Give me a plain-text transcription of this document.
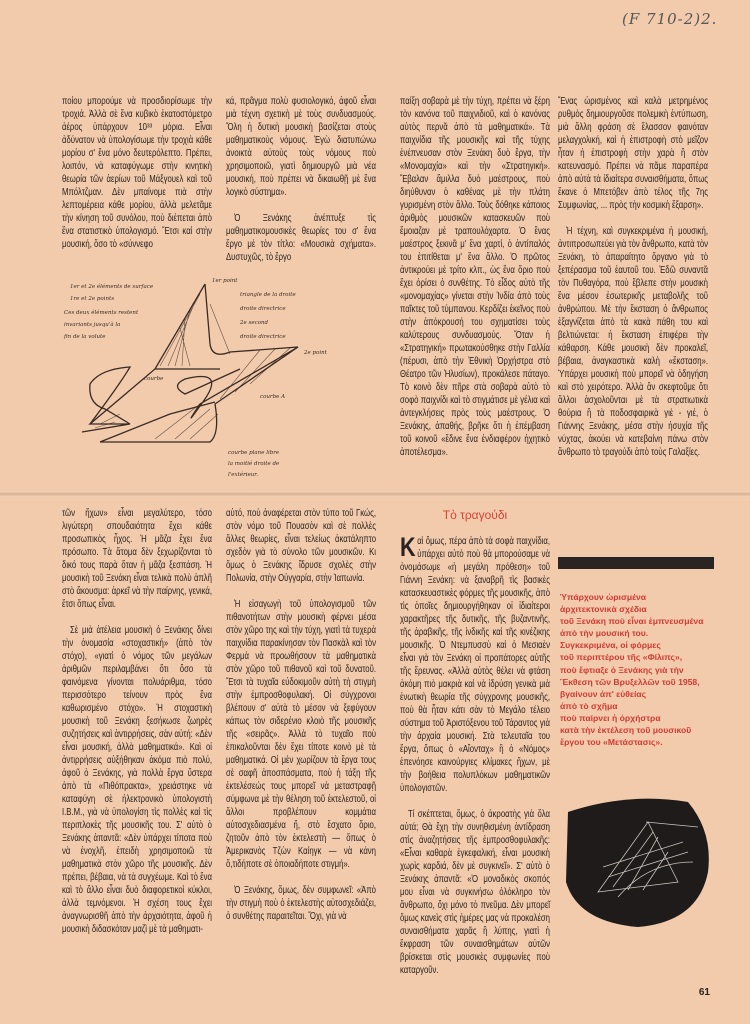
(F 710-2)2.

ποίου μπορούμε νὰ προσδιορίσωμε τὴν τροχιά. Ἀλλὰ σὲ ἕνα κυβικὸ ἑκατοστόμετρο ἀέρος ὑπάρχουν 10³³ μόρια. Εἶναι ἀδύνατον νὰ ὑπολογίσωμε τὴν τροχιὰ κάθε μορίου σ' ἕνα μόνο δευτερόλεπτο. Πρέπει, λοιπόν, νὰ καταφύγωμε στὴν κινητικὴ θεωρία τῶν ἀερίων τοῦ Μάξγουελ καὶ τοῦ Μπόλτζμαν. Δὲν μπαίνομε πιὰ στὴν λεπτομέρεια κάθε μορίου, ἀλλὰ μελετᾶμε τὴν κίνηση τοῦ συνόλου, ποὺ διέπεται ἀπὸ ἕνα στατιστικὸ ὑπολογισμό. Ἔτσι καὶ στὴν μουσική, ὅσο τὸ «σύννεφο

κά, πρᾶγμα πολὺ φυσιολογικό, ἀφοῦ εἶναι μιὰ τέχνη σχετικὴ μὲ τοὺς συνδυασμούς. Ὅλη ἡ δυτικὴ μουσικὴ βασίζεται στοὺς μαθηματικοὺς νόμους. Ἐγὼ διατυπώνω ἀνοικτὰ αὐτοὺς τοὺς νόμους ποὺ χρησιμοποιῶ, γιατὶ δημιουργῶ μιὰ νέα μουσική, ποὺ πρέπει νὰ δικαιωθῇ μὲ ἕνα λογικὸ σύστημα».

Ὁ Ξενάκης ἀνέπτυξε τὶς μαθηματικομουσικὲς θεωρίες του σ' ἕνα ἔργο μὲ τὸν τίτλο: «Μουσικὰ σχήματα». Δυστυχῶς, τὸ ἔργο

1er et 2e éléments de surface
1re et 2e points
Ces deux éléments restent
invariants jusqu'à la
fin de la volute
1er point
triangle de la droite
droite directrice
2e second
droite directrice
2e point
courbe
courbe A
courbe plane libre
la moitié droite de
l'extérieur.

παίξη σοβαρὰ μὲ τὴν τύχη, πρέπει νὰ ξέρη τὸν κανόνα τοῦ παιχνιδιοῦ, καὶ ὁ κανόνας αὐτὸς περνᾶ ἀπὸ τὰ μαθηματικά». Τὰ παιχνίδια τῆς μουσικῆς καὶ τῆς τύχης ἐνέπνευσαν στὸν Ξενάκη δυὸ ἔργα, τὴν «Μονομαχία» καὶ τὴν «Στρατηγική». Ἔβαλαν ἅμιλλα δυὸ μαέστρους, ποὺ διηύθυναν ὁ καθένας μὲ τὴν πλάτη γυρισμένη στὸν ἄλλο. Τοὺς δόθηκε κάποιος ἀριθμὸς μουσικῶν κατασκευῶν ποὺ ἔμοιαζαν μὲ τραπουλόχαρτα. Ὁ ἕνας μαέστρος ξεκινᾶ μ' ἕνα χαρτί, ὁ ἀντίπαλός του ἐπιτίθεται μ' ἕνα ἄλλο. Ὁ πρῶτος ἀντικρούει μὲ τρίτο κλπ., ὡς ἕνα ὅριο ποὺ ἔχει ὁρίσει ὁ συνθέτης. Τὸ εἶδος αὐτὸ τῆς «μονομαχίας» γίνεται στὴν Ἰνδία ἀπὸ τοὺς παῖκτες τοῦ τύμπανου. Κερδίζει ἐκεῖνος ποὺ στὴν ἀπόκρουσή του σχηματίσει τοὺς καλύτερους συνδυασμούς. Ὅταν ἡ «Στρατηγική» πρωτακούσθηκε στὴν Γαλλία (πέρυσι, ἀπὸ τὴν Ἐθνικὴ Ὀρχήστρα στὸ Θέατρο τῶν Ἠλυσίων), προκάλεσε πάταγο. Τὸ κοινὸ δὲν πῆρε στὰ σοβαρὰ αὐτὸ τὸ σοφὸ παιχνίδι καὶ τὸ στιγμάτισε μὲ γέλια καὶ ἀντεγκλήσεις πρὸς τοὺς μαέστρους. Ὁ Ξενάκης, ἀπαθής, βρῆκε ὅτι ἡ ἐπέμβαση τοῦ κοινοῦ «ἔδινε ἕνα ἐνδιαφέρον ἠχητικὸ ἀποτέλεσμα».

Ἕνας ὡρισμένος καὶ καλὰ μετρημένος ρυθμὸς δημιουργοῦσε πολεμικὴ ἐντύπωση, μιὰ ἄλλη φράση σὲ ἔλασσον φαινόταν μελαγχολική, καὶ ἡ ἐπιστροφὴ στὸ μεῖζον ἦταν ἡ ἐπιστροφὴ στὴν χαρὰ ἢ στὸν κατευνασμό. Πρέπει νὰ πᾶμε παραπέρα ἀπὸ αὐτὰ τὰ ἰδιαίτερα συναισθήματα, ὅπως ἔκανε ὁ Μπετόβεν ἀπὸ τέλος τῆς 7ης Συμφωνίας, ... πρὸς τὴν κοσμικὴ ἔξαρση».

Ἡ τέχνη, καὶ συγκεκριμένα ἡ μουσική, ἀντιπροσωπεύει γιὰ τὸν ἄνθρωπο, κατὰ τὸν Ξενάκη, τὸ ἀπαραίτητο ὄργανο γιὰ τὸ ξεπέρασμα τοῦ ἑαυτοῦ του. Ἐδῶ συναντᾶ τὸν Πυθαγόρα, ποὺ ἔβλεπε στὴν μουσικὴ ἕνα μέσον ἐσωτερικῆς μεταβολῆς τοῦ ἀνθρώπου. Μὲ τὴν ἔκσταση ὁ ἄνθρωπος ἐξαγνίζεται ἀπὸ τὰ κακὰ πάθη του καὶ βελτιώνεται: ἡ ἔκσταση ἐπιφέρει τὴν κάθαρση. Κάθε μουσικὴ δὲν προκαλεῖ, βέβαια, ἀναγκαστικὰ καλὴ «ἔκσταση». Ὑπάρχει μουσικὴ ποὺ μπορεῖ νὰ ὁδηγήση καὶ στὸ χειρότερο. Ἀλλὰ ἂν σκεφτοῦμε ὅτι ἄλλοι ἀσχολοῦνται μὲ τὰ στρατιωτικὰ θούρια ἢ τὰ ποδοσφαιρικὰ γιὲ - γιέ, ὁ Γιάννης Ξενάκης, μέσα στὴν ἡσυχία τῆς νύχτας, ἀκούει νὰ κατεβαίνη πάνω στὸν ἄνθρωπο τὸ τραγούδι ἀπὸ τοὺς Γαλαξίες.

τῶν ἤχων» εἶναι μεγαλύτερο, τόσο λιγώτερη σπουδαιότητα ἔχει κάθε προσωπικὸς ἦχος. Ἡ μᾶζα ἔχει ἕνα πρόσωπο. Τὰ ἄτομα δὲν ξεχωρίζονται τὸ δικό τους παρὰ ὅταν ἡ μᾶζα ξεσπάση. Ἡ μουσικὴ τοῦ Ξενάκη εἶναι τελικὰ πολὺ ἁπλῆ στὸ ἄκουσμα: ἀρκεῖ νὰ τὴν παίρνης, γενικά, ἔτσι ὅπως εἶναι.

Σὲ μιὰ ἀτέλεια μουσικὴ ὁ Ξενάκης δίνει τὴν ὀνομασία «στοχαστική» (ἀπὸ τὸν στόχο), «γιατὶ ὁ νόμος τῶν μεγάλων ἀριθμῶν περιλαμβάνει ὅτι ὅσο τὰ φαινόμενα γίνονται πολυάριθμα, τόσο περισσότερο τείνουν πρὸς ἕνα καθωρισμένο στόχο». Ἡ στοχαστικὴ μουσικὴ τοῦ Ξενάκη ξεσήκωσε ζωηρὲς συζητήσεις καὶ ἀντιρρήσεις, σὰν αὐτή: «Δὲν εἶναι μουσική, ἀλλὰ μαθηματικά». Καὶ οἱ ἀντιρρήσεις αὐξήθηκαν ἀκόμα πιὸ πολύ, ἀφοῦ ὁ Ξενάκης, γιὰ πολλὰ ἔργα ὕστερα ἀπὸ τὰ «Πιθόπρακτα», χρειάστηκε νὰ καταφύγη σὲ ἠλεκτρονικὸ ὑπολογιστὴ Ι.Β.Μ., γιὰ νὰ ὑπολογίση τὶς πολλὲς καὶ τὶς περιπλοκὲς τῆς μουσικῆς του. Σ' αὐτὸ ὁ Ξενάκης ἀπαντᾶ: «Δὲν ὑπάρχει τίποτα ποὺ νὰ ἐνοχλῆ, ἐπειδὴ χρησιμοποιῶ τὰ μαθηματικὰ στὸν χῶρο τῆς μουσικῆς. Δὲν πρέπει, βέβαια, νὰ τὰ συγχέωμε. Καὶ τὸ ἕνα καὶ τὸ ἄλλο εἶναι δυὸ διαφορετικοὶ κύκλοι, ἀλλὰ τεμνόμενοι. Ἡ σχέση τους ἔχει ἀναγνωρισθῆ ἀπὸ τὴν ἀρχαιότητα, ἀφοῦ ἡ μουσικὴ διδασκόταν μαζὶ μὲ τὰ μαθηματι-

αὐτό, ποὺ ἀναφέρεται στὸν τύπο τοῦ Γκώς, στὸν νόμο τοῦ Πουασὸν καὶ σὲ πολλὲς ἄλλες θεωρίες, εἶναι τελείως ἀκατάληπτο σχεδὸν γιὰ τὸ σύνολο τῶν μουσικῶν. Κι ὅμως ὁ Ξενάκης ἵδρυσε σχολὲς στὴν Πολωνία, στὴν Οὑγγαρία, στὴν Ἰαπωνία.

Ἡ εἰσαγωγὴ τοῦ ὑπολογισμοῦ τῶν πιθανοτήτων στὴν μουσικὴ φέρνει μέσα στὸν χῶρο της καὶ τὴν τύχη, γιατὶ τὰ τυχερὰ παιχνίδια παρακίνησαν τὸν Πασκὰλ καὶ τὸν Φερμὰ νὰ προωθήσουν τὰ μαθηματικὰ στὸν χῶρο τοῦ πιθανοῦ καὶ τοῦ δυνατοῦ. Ἔτσι τὰ τυχαῖα εὐδοκιμοῦν αὐτὴ τὴ στιγμὴ στὴν ἐμπροσθοφυλακή. Οἱ σύγχρονοι βλέπουν σ' αὐτὰ τὸ μέσον νὰ ξεφύγουν κάπως τὸν σιδερένιο κλοιὸ τῆς μουσικῆς τῆς «σειρᾶς». Ἀλλὰ τὸ τυχαῖο ποὺ ἐπικαλοῦνται δὲν ἔχει τίποτε κοινὸ μὲ τὰ μαθηματικά. Οἱ μὲν χωρίζουν τὰ ἔργα τους σὲ σαφῆ ἀποσπάσματα, ποὺ ἡ τάξη τῆς ἐκτελέσεώς τους μπορεῖ νὰ μεταστραφῇ σύμφωνα μὲ τὴν θέληση τοῦ ἐκτελεστοῦ, οἱ ἄλλοι προβλέπουν κομμάτια αὐτοσχεδιασμένα ἤ, στὸ ἔσχατο ὅριο, ζητοῦν ἀπὸ τὸν ἐκτελεστὴ — ὅπως ὁ Ἀμερικανὸς Τζὼν Καίηγκ — νὰ κάνη ὅ,τιδήποτε σὲ ὁποιαδήποτε στιγμή».

Ὁ Ξενάκης, ὅμως, δὲν συμφωνεῖ: «Ἀπὸ τὴν στιγμὴ ποὺ ὁ ἐκτελεστὴς αὐτοσχεδιάζει, ὁ συνθέτης παραιτεῖται. Ὄχι, γιὰ νὰ

Τὸ τραγούδι

Kαὶ ὅμως, πέρα ἀπὸ τὰ σοφὰ παιχνίδια, ὑπάρχει αὐτὸ ποὺ θὰ μπορούσαμε νὰ ὀνομάσωμε «ἡ μεγάλη πρόθεση» τοῦ Γιάννη Ξενάκη: νὰ ξαναβρῆ τὶς βασικὲς κατασκευαστικὲς φόρμες τῆς μουσικῆς, ἀπὸ τὶς ὁποῖες δημιουργήθηκαν οἱ ἰδιαίτεροι χαρακτῆρες τῆς δυτικῆς, τῆς βυζαντινῆς, τῆς ἀραβικῆς, τῆς ἰνδικῆς καὶ τῆς κινέζικης μουσικῆς. Ὁ Ντεμπυσσὺ καὶ ὁ Μεσιαὲν εἶναι γιὰ τὸν Ξενάκη οἱ προπάτορες αὐτῆς τῆς ἔρευνας. «Ἀλλὰ αὐτὸς θέλει νὰ φτάση ἀκόμη πιὸ μακριὰ καὶ νὰ ἱδρύση γενικὰ μιὰ ἑνωτικὴ θεωρία τῆς σύγχρονης μουσικῆς, ποὺ θὰ ἦταν κάτι σὰν τὸ Μεγάλο τέλειο σύστημα τοῦ Ἀριστόξενου τοῦ Τάραντος γιὰ τὴν ἀρχαία μουσική. Στὰ τελευταῖα του ἔργα, ὅπως ὁ «Αἴονταχ» ἢ ὁ «Νόμος» ἐπενόησε καινούργιες κλίμακες ἤχων, μὲ τὴν βοήθεια πολυπλόκων μαθηματικῶν ὑπολογιστῶν.

Τί σκέπτεται, ὅμως, ὁ ἀκροατὴς γιὰ ὅλα αὐτά; Θὰ ἔχη τὴν συνηθισμένη ἀντίδραση στὶς ἀναζητήσεις τῆς ἐμπροσθοφυλακῆς: «Εἶναι καθαρὰ ἐγκεφαλική, εἶναι μουσικὴ χωρὶς καρδιά, δὲν μὲ συγκινεῖ». Σ' αὐτὸ ὁ Ξενάκης ἀπαντᾶ: «Ὁ μοναδικὸς σκοπός μου εἶναι νὰ συγκινήσω ὁλόκληρο τὸν ἄνθρωπο, ὄχι μόνο τὸ πνεῦμα. Δὲν μπορεῖ ὅμως κανεὶς στὶς ἡμέρες μας νὰ προκαλέση συναισθήματα χαρᾶς ἢ λύπης, γιατὶ ἡ ἔκφραση τῶν συναισθημάτων αὐτῶν βρίσκεται στὶς μουσικὲς συμφωνίες ποὺ καταργοῦν.

Ὑπάρχουν ὡρισμένα
ἀρχιτεκτονικὰ σχέδια
τοῦ Ξενάκη ποὺ εἶναι ἐμπνευσμένα
ἀπὸ τὴν μουσική του.
Συγκεκριμένα, οἱ φόρμες
τοῦ περιπτέρου τῆς «Φίλιπς»,
ποὺ ἔφτιαξε ὁ Ξενάκης γιὰ τὴν
Ἔκθεση τῶν Βρυξελλῶν τοῦ 1958,
βγαίνουν ἀπ' εὐθείας
ἀπὸ τὸ σχῆμα
ποὺ παίρνει ἡ ὀρχήστρα
κατὰ τὴν ἐκτέλεση τοῦ μουσικοῦ
ἔργου του «Μετάστασις».
61
